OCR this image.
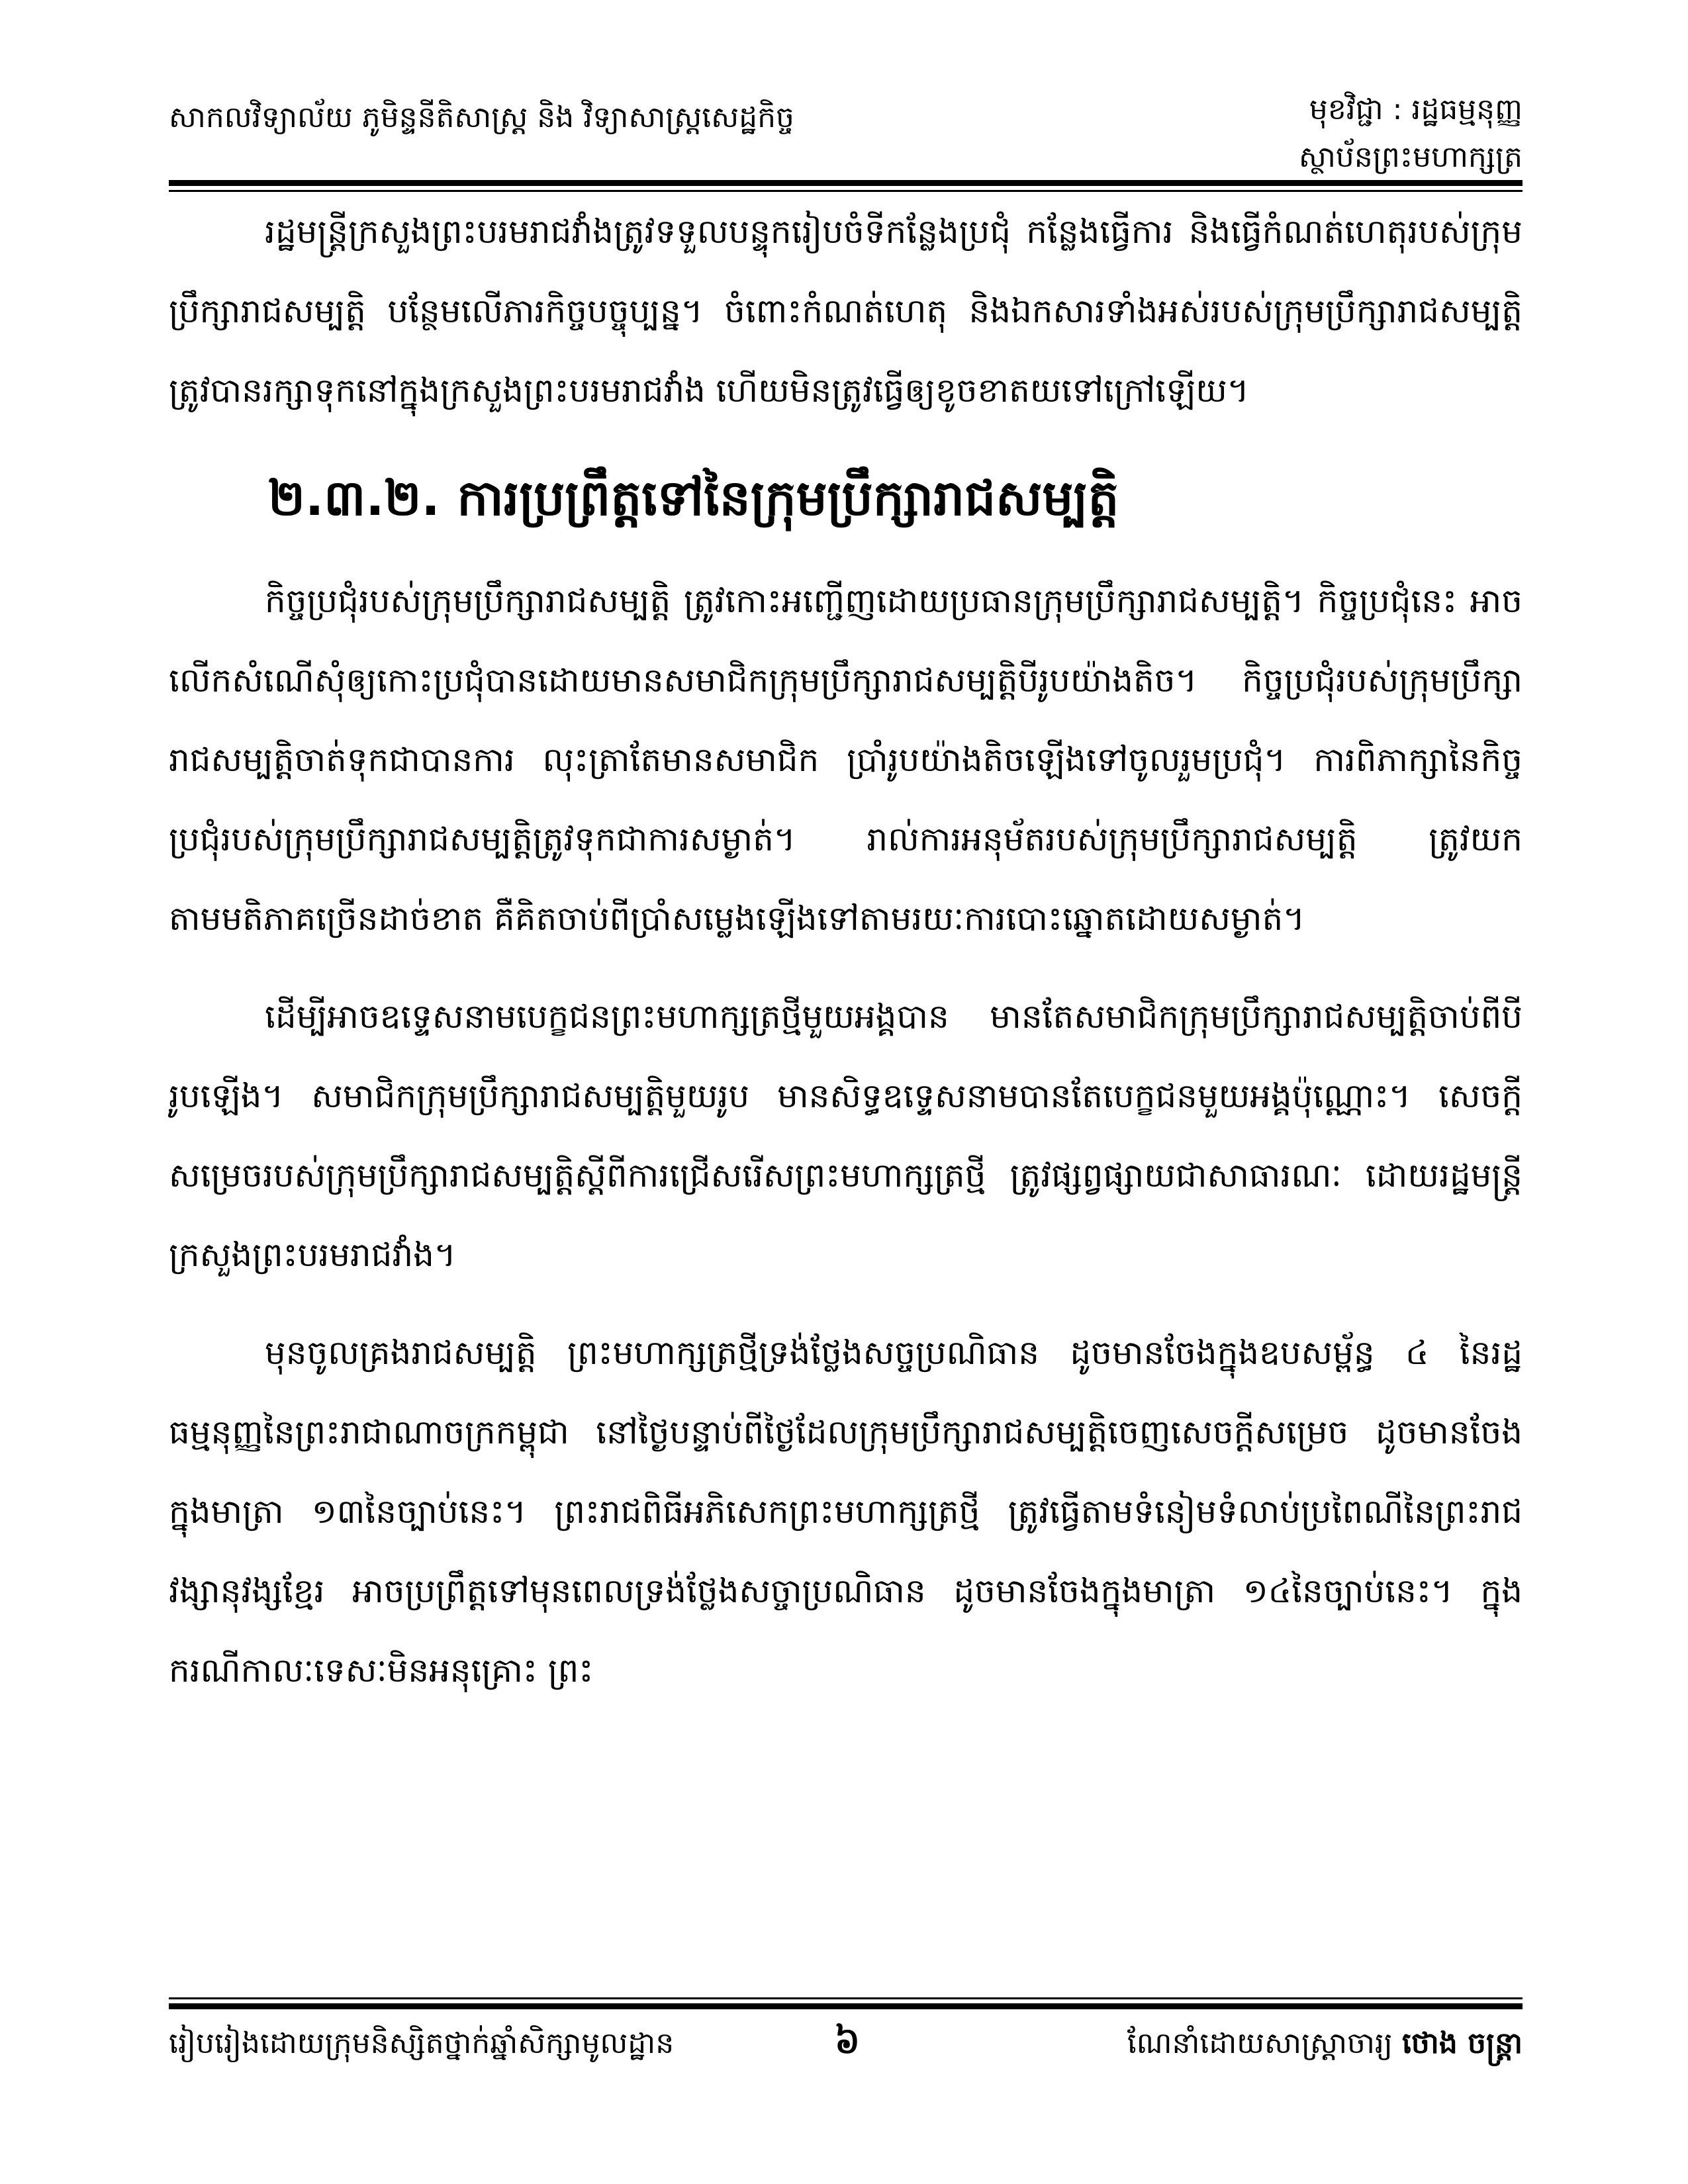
សាកលវិទ្យាល័យ ភូមិន្ទនីតិសាស្ត្រ និង វិទ្យាសាស្ត្រសេដ្ឋកិច្ច	មុខវិជ្ជា : រដ្ឋធម្មនុញ្ញ
ស្ថាប័នព្រះមហាក្សត្រ

រដ្ឋមន្ត្រីក្រសួងព្រះបរមរាជវាំងត្រូវទទួលបន្ទុករៀបចំទីកន្លែងប្រជុំ កន្លែងធ្វើការ និងធ្វើកំណត់ហេតុរបស់ក្រុមប្រឹក្សារាជសម្បត្តិ បន្ថែមលើភារកិច្ចបច្ចុប្បន្ន។ ចំពោះកំណត់ហេតុ និងឯកសារទាំងអស់របស់ក្រុមប្រឹក្សារាជសម្បត្តិ ត្រូវបានរក្សាទុកនៅក្នុងក្រសួងព្រះបរមរាជវាំង ហើយមិនត្រូវធ្វើឲ្យខូចខាតយទៅក្រៅឡើយ។

២.៣.២. ការប្រព្រឹត្តទៅនៃក្រុមប្រឹក្សារាជសម្បត្តិ

កិច្ចប្រជុំរបស់ក្រុមប្រឹក្សារាជសម្បត្តិ ត្រូវកោះអញ្ជើញដោយប្រធានក្រុមប្រឹក្សារាជសម្បត្តិ។ កិច្ចប្រជុំនេះ អាចលើកសំណើសុំឲ្យកោះប្រជុំបានដោយមានសមាជិកក្រុមប្រឹក្សារាជសម្បត្តិបីរូបយ៉ាងតិច។ កិច្ចប្រជុំរបស់ក្រុមប្រឹក្សារាជសម្បត្តិចាត់ទុកជាបានការ លុះត្រាតែមានសមាជិក ប្រាំរូបយ៉ាងតិចឡើងទៅចូលរួមប្រជុំ។ ការពិភាក្សានៃកិច្ចប្រជុំរបស់ក្រុមប្រឹក្សារាជសម្បត្តិត្រូវទុកជាការសម្ងាត់។ រាល់ការអនុម័តរបស់ក្រុមប្រឹក្សារាជសម្បត្តិ ត្រូវយកតាមមតិភាគច្រើនដាច់ខាត គឺគិតចាប់ពីប្រាំសម្លេងឡើងទៅតាមរយៈការបោះឆ្នោតដោយសម្ងាត់។

ដើម្បីអាចឧទ្ទេសនាមបេក្ខជនព្រះមហាក្សត្រថ្មីមួយអង្គបាន មានតែសមាជិកក្រុមប្រឹក្សារាជសម្បត្តិចាប់ពីបីរូបឡើង។ សមាជិកក្រុមប្រឹក្សារាជសម្បត្តិមួយរូប មានសិទ្ធឧទ្ទេសនាមបានតែបេក្ខជនមួយអង្គប៉ុណ្ណោះ។ សេចក្តីសម្រេចរបស់ក្រុមប្រឹក្សារាជសម្បត្តិស្តីពីការជ្រើសរើសព្រះមហាក្សត្រថ្មី ត្រូវផ្សព្វផ្សាយជាសាធារណៈ ដោយរដ្ឋមន្ត្រីក្រសួងព្រះបរមរាជវាំង។

មុនចូលគ្រងរាជសម្បត្តិ ព្រះមហាក្សត្រថ្មីទ្រង់ថ្លែងសច្ចប្រណិធាន ដូចមានចែងក្នុងឧបសម្ព័ន្ធ ៤ នៃរដ្ឋធម្មនុញ្ញនៃព្រះរាជាណាចក្រកម្ពុជា នៅថ្ងៃបន្ទាប់ពីថ្ងៃដែលក្រុមប្រឹក្សារាជសម្បត្តិចេញសេចក្តីសម្រេច ដូចមានចែងក្នុងមាត្រា ១៣នៃច្បាប់នេះ។ ព្រះរាជពិធីអភិសេកព្រះមហាក្សត្រថ្មី ត្រូវធ្វើតាមទំនៀមទំលាប់ប្រពៃណីនៃព្រះរាជវង្សានុវង្សខ្មែរ អាចប្រព្រឹត្តទៅមុនពេលទ្រង់ថ្លែងសច្ចាប្រណិធាន ដូចមានចែងក្នុងមាត្រា ១៤នៃច្បាប់នេះ។ ក្នុងករណីកាលៈទេសៈមិនអនុគ្រោះ ព្រះ

រៀបរៀងដោយក្រុមនិស្សិតថ្នាក់ឆ្នាំសិក្សាមូលដ្ឋាន	៦	ណែនាំដោយសាស្ត្រាចារ្យ ថោង ចន្ត្រា
